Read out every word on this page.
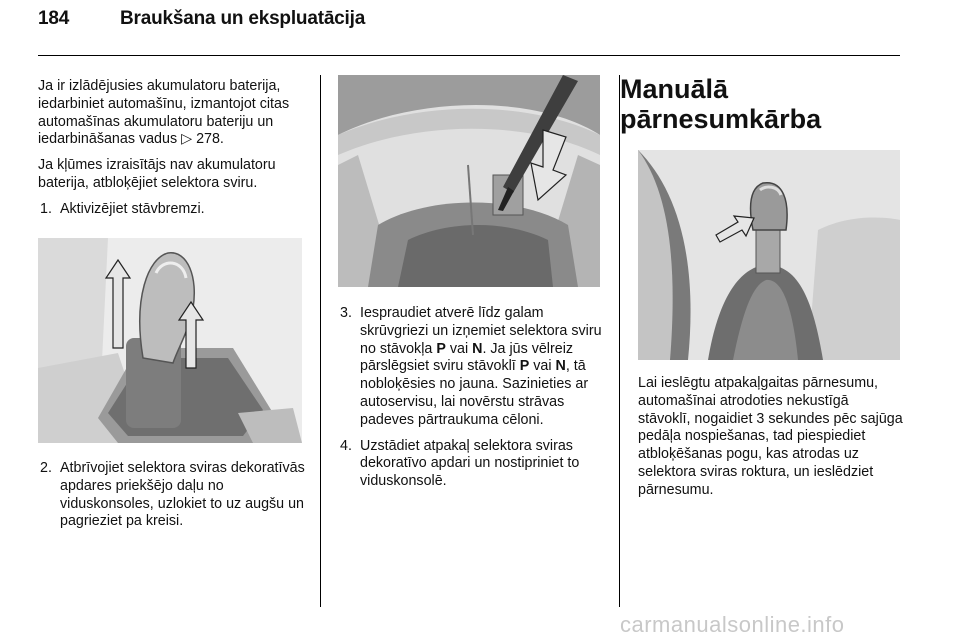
184	Braukšana un ekspluatācija

Ja ir izlādējusies akumulatoru baterija, iedarbiniet automašīnu, izmantojot citas automašīnas akumulatoru bateriju un iedarbināšanas vadus ▷ 278.

Ja kļūmes izraisītājs nav akumulatoru baterija, atbloķējiet selektora sviru.

1. Aktivizējiet stāvbremzi.
2. Atbrīvojiet selektora sviras dekoratīvās apdares priekšējo daļu no viduskonsoles, uzlokiet to uz augšu un pagrieziet pa kreisi.
3. Iespraudiet atverē līdz galam skrūvgriezi un izņemiet selektora sviru no stāvokļa P vai N. Ja jūs vēlreiz pārslēgsiet sviru stāvoklī P vai N, tā nobloķēsies no jauna. Sazinieties ar autoservisu, lai novērstu strāvas padeves pārtraukuma cēloni.
4. Uzstādiet atpakaļ selektora sviras dekoratīvo apdari un nostipriniet to viduskonsolē.
Manuālā pārnesumkārba

Lai ieslēgtu atpakaļgaitas pārnesumu, automašīnai atrodoties nekustīgā stāvoklī, nogaidiet 3 sekundes pēc sajūga pedāļa nospiešanas, tad piespiediet atbloķēšanas pogu, kas atrodas uz selektora sviras roktura, un ieslēdziet pārnesumu.

carmanualsonline.info
